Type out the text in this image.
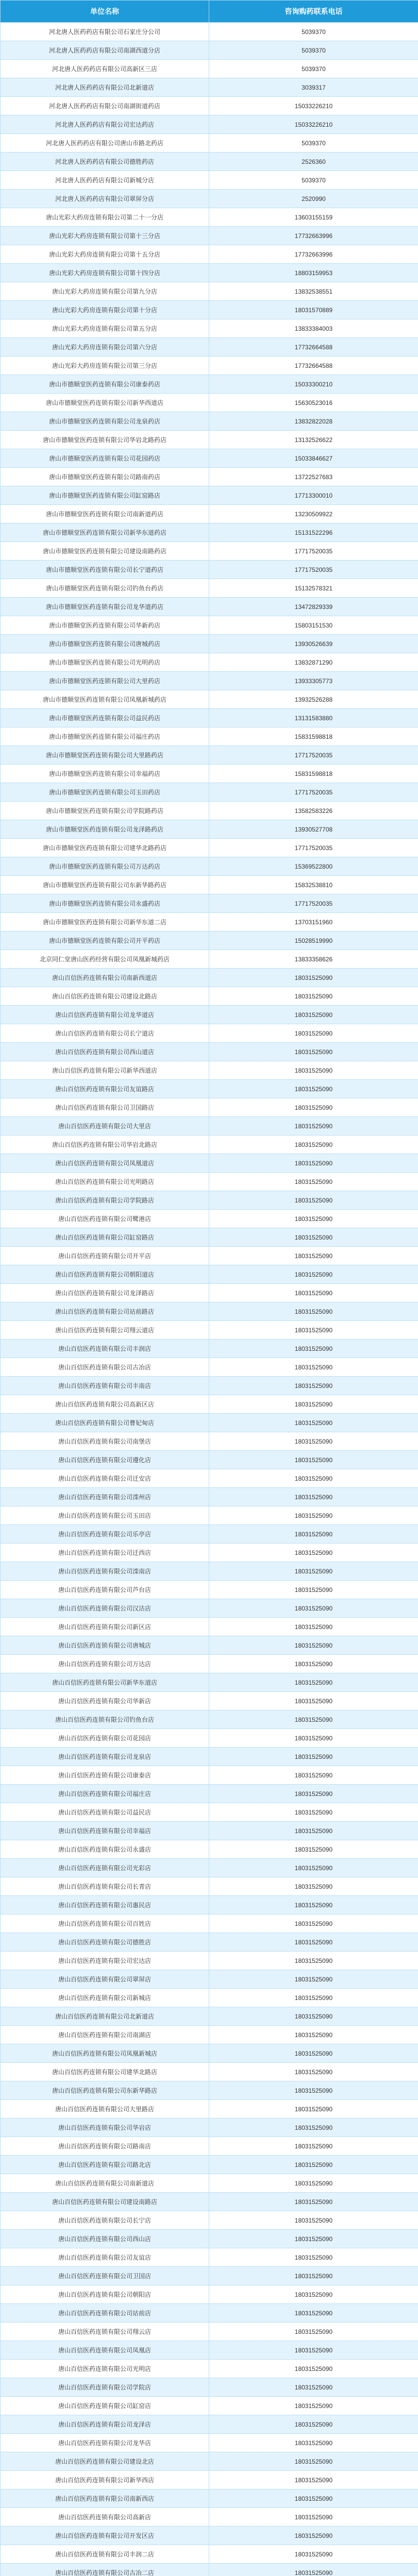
单位名称	咨询购药联系电话
河北唐人医药药店有限公司石家庄分公司	5039370
河北唐人医药药店有限公司南湖西道分店	5039370
河北唐人医药药店有限公司高新区三店	5039370
河北唐人医药药店有限公司北新道店	3039317
河北唐人医药药店有限公司南湖街道药店	15033226210
河北唐人医药药店有限公司宏达药店	15033226210
河北唐人医药药店有限公司唐山市路北药店	5039370
河北唐人医药药店有限公司德胜药店	2526360
河北唐人医药药店有限公司新城分店	5039370
河北唐人医药药店有限公司翠屏分店	2520990
唐山光彩大药房连锁有限公司第二十一分店	13603155159
唐山光彩大药房连锁有限公司第十三分店	17732663996
唐山光彩大药房连锁有限公司第十五分店	17732663996
唐山光彩大药房连锁有限公司第十四分店	18803159953
唐山光彩大药房连锁有限公司第九分店	13832538551
唐山光彩大药房连锁有限公司第十分店	18031570889
唐山光彩大药房连锁有限公司第五分店	13833384003
唐山光彩大药房连锁有限公司第六分店	17732664588
唐山光彩大药房连锁有限公司第三分店	17732664588
唐山市德顺堂医药连锁有限公司康泰药店	15033300210
唐山市德顺堂医药连锁有限公司新华西道店	15630523016
唐山市德顺堂医药连锁有限公司龙泉药店	13832822028
唐山市德顺堂医药连锁有限公司华岩北路药店	13132526622
唐山市德顺堂医药连锁有限公司花园药店	15033846627
唐山市德顺堂医药连锁有限公司路南药店	13722527683
唐山市德顺堂医药连锁有限公司缸窑路店	17713300010
唐山市德顺堂医药连锁有限公司南新道药店	13230509922
唐山市德顺堂医药连锁有限公司新华东道药店	15131522296
唐山市德顺堂医药连锁有限公司建设南路药店	17717520035
唐山市德顺堂医药连锁有限公司长宁道药店	17717520035
唐山市德顺堂医药连锁有限公司钓鱼台药店	15132578321
唐山市德顺堂医药连锁有限公司龙华道药店	13472829339
唐山市德顺堂医药连锁有限公司华新药店	15803151530
唐山市德顺堂医药连锁有限公司唐城药店	13930526639
唐山市德顺堂医药连锁有限公司光明药店	13832871290
唐山市德顺堂医药连锁有限公司大里药店	13933305773
唐山市德顺堂医药连锁有限公司凤凰新城药店	13932526288
唐山市德顺堂医药连锁有限公司益民药店	13131583880
唐山市德顺堂医药连锁有限公司福庄药店	15831598818
唐山市德顺堂医药连锁有限公司大里路药店	17717520035
唐山市德顺堂医药连锁有限公司幸福药店	15831598818
唐山市德顺堂医药连锁有限公司玉田药店	17717520035
唐山市德顺堂医药连锁有限公司学院路药店	13582583226
唐山市德顺堂医药连锁有限公司龙泽路药店	13930527708
唐山市德顺堂医药连锁有限公司建华北路药店	17717520035
唐山市德顺堂医药连锁有限公司万达药店	15369522800
唐山市德顺堂医药连锁有限公司东新华路药店	15832538810
唐山市德顺堂医药连锁有限公司永盛药店	17717520035
唐山市德顺堂医药连锁有限公司新华东道二店	13703151960
唐山市德顺堂医药连锁有限公司开平药店	15028519990
北京同仁堂唐山医药经营有限公司凤凰新城药店	13833358626
唐山百信医药连锁有限公司南新西道店	18031525090
唐山百信医药连锁有限公司建设北路店	18031525090
唐山百信医药连锁有限公司龙华道店	18031525090
唐山百信医药连锁有限公司长宁道店	18031525090
唐山百信医药连锁有限公司西山道店	18031525090
唐山百信医药连锁有限公司新华西道店	18031525090
唐山百信医药连锁有限公司友谊路店	18031525090
唐山百信医药连锁有限公司卫国路店	18031525090
唐山百信医药连锁有限公司大里店	18031525090
唐山百信医药连锁有限公司华岩北路店	18031525090
唐山百信医药连锁有限公司凤凰道店	18031525090
唐山百信医药连锁有限公司光明路店	18031525090
唐山百信医药连锁有限公司学院路店	18031525090
唐山百信医药连锁有限公司鹭港店	18031525090
唐山百信医药连锁有限公司缸窑路店	18031525090
唐山百信医药连锁有限公司开平店	18031525090
唐山百信医药连锁有限公司朝阳道店	18031525090
唐山百信医药连锁有限公司龙泽路店	18031525090
唐山百信医药连锁有限公司站前路店	18031525090
唐山百信医药连锁有限公司翔云道店	18031525090
唐山百信医药连锁有限公司丰润店	18031525090
唐山百信医药连锁有限公司古冶店	18031525090
唐山百信医药连锁有限公司丰南店	18031525090
唐山百信医药连锁有限公司高新区店	18031525090
唐山百信医药连锁有限公司曹妃甸店	18031525090
唐山百信医药连锁有限公司南堡店	18031525090
唐山百信医药连锁有限公司遵化店	18031525090
唐山百信医药连锁有限公司迁安店	18031525090
唐山百信医药连锁有限公司滦州店	18031525090
唐山百信医药连锁有限公司玉田店	18031525090
唐山百信医药连锁有限公司乐亭店	18031525090
唐山百信医药连锁有限公司迁西店	18031525090
唐山百信医药连锁有限公司滦南店	18031525090
唐山百信医药连锁有限公司芦台店	18031525090
唐山百信医药连锁有限公司汉沽店	18031525090
唐山百信医药连锁有限公司新区店	18031525090
唐山百信医药连锁有限公司唐城店	18031525090
唐山百信医药连锁有限公司万达店	18031525090
唐山百信医药连锁有限公司新华东道店	18031525090
唐山百信医药连锁有限公司华新店	18031525090
唐山百信医药连锁有限公司钓鱼台店	18031525090
唐山百信医药连锁有限公司花园店	18031525090
唐山百信医药连锁有限公司龙泉店	18031525090
唐山百信医药连锁有限公司康泰店	18031525090
唐山百信医药连锁有限公司福庄店	18031525090
唐山百信医药连锁有限公司益民店	18031525090
唐山百信医药连锁有限公司幸福店	18031525090
唐山百信医药连锁有限公司永盛店	18031525090
唐山百信医药连锁有限公司光彩店	18031525090
唐山百信医药连锁有限公司长青店	18031525090
唐山百信医药连锁有限公司惠民店	18031525090
唐山百信医药连锁有限公司百姓店	18031525090
唐山百信医药连锁有限公司德胜店	18031525090
唐山百信医药连锁有限公司宏达店	18031525090
唐山百信医药连锁有限公司翠屏店	18031525090
唐山百信医药连锁有限公司新城店	18031525090
唐山百信医药连锁有限公司北新道店	18031525090
唐山百信医药连锁有限公司南湖店	18031525090
唐山百信医药连锁有限公司凤凰新城店	18031525090
唐山百信医药连锁有限公司建华北路店	18031525090
唐山百信医药连锁有限公司东新华路店	18031525090
唐山百信医药连锁有限公司大里路店	18031525090
唐山百信医药连锁有限公司华岩店	18031525090
唐山百信医药连锁有限公司路南店	18031525090
唐山百信医药连锁有限公司路北店	18031525090
唐山百信医药连锁有限公司南新道店	18031525090
唐山百信医药连锁有限公司建设南路店	18031525090
唐山百信医药连锁有限公司长宁店	18031525090
唐山百信医药连锁有限公司西山店	18031525090
唐山百信医药连锁有限公司友谊店	18031525090
唐山百信医药连锁有限公司卫国店	18031525090
唐山百信医药连锁有限公司朝阳店	18031525090
唐山百信医药连锁有限公司站前店	18031525090
唐山百信医药连锁有限公司翔云店	18031525090
唐山百信医药连锁有限公司凤凰店	18031525090
唐山百信医药连锁有限公司光明店	18031525090
唐山百信医药连锁有限公司学院店	18031525090
唐山百信医药连锁有限公司缸窑店	18031525090
唐山百信医药连锁有限公司龙泽店	18031525090
唐山百信医药连锁有限公司龙华店	18031525090
唐山百信医药连锁有限公司建设北店	18031525090
唐山百信医药连锁有限公司新华西店	18031525090
唐山百信医药连锁有限公司南新西店	18031525090
唐山百信医药连锁有限公司高新店	18031525090
唐山百信医药连锁有限公司开发区店	18031525090
唐山百信医药连锁有限公司丰润二店	18031525090
唐山百信医药连锁有限公司古冶二店	18031525090
